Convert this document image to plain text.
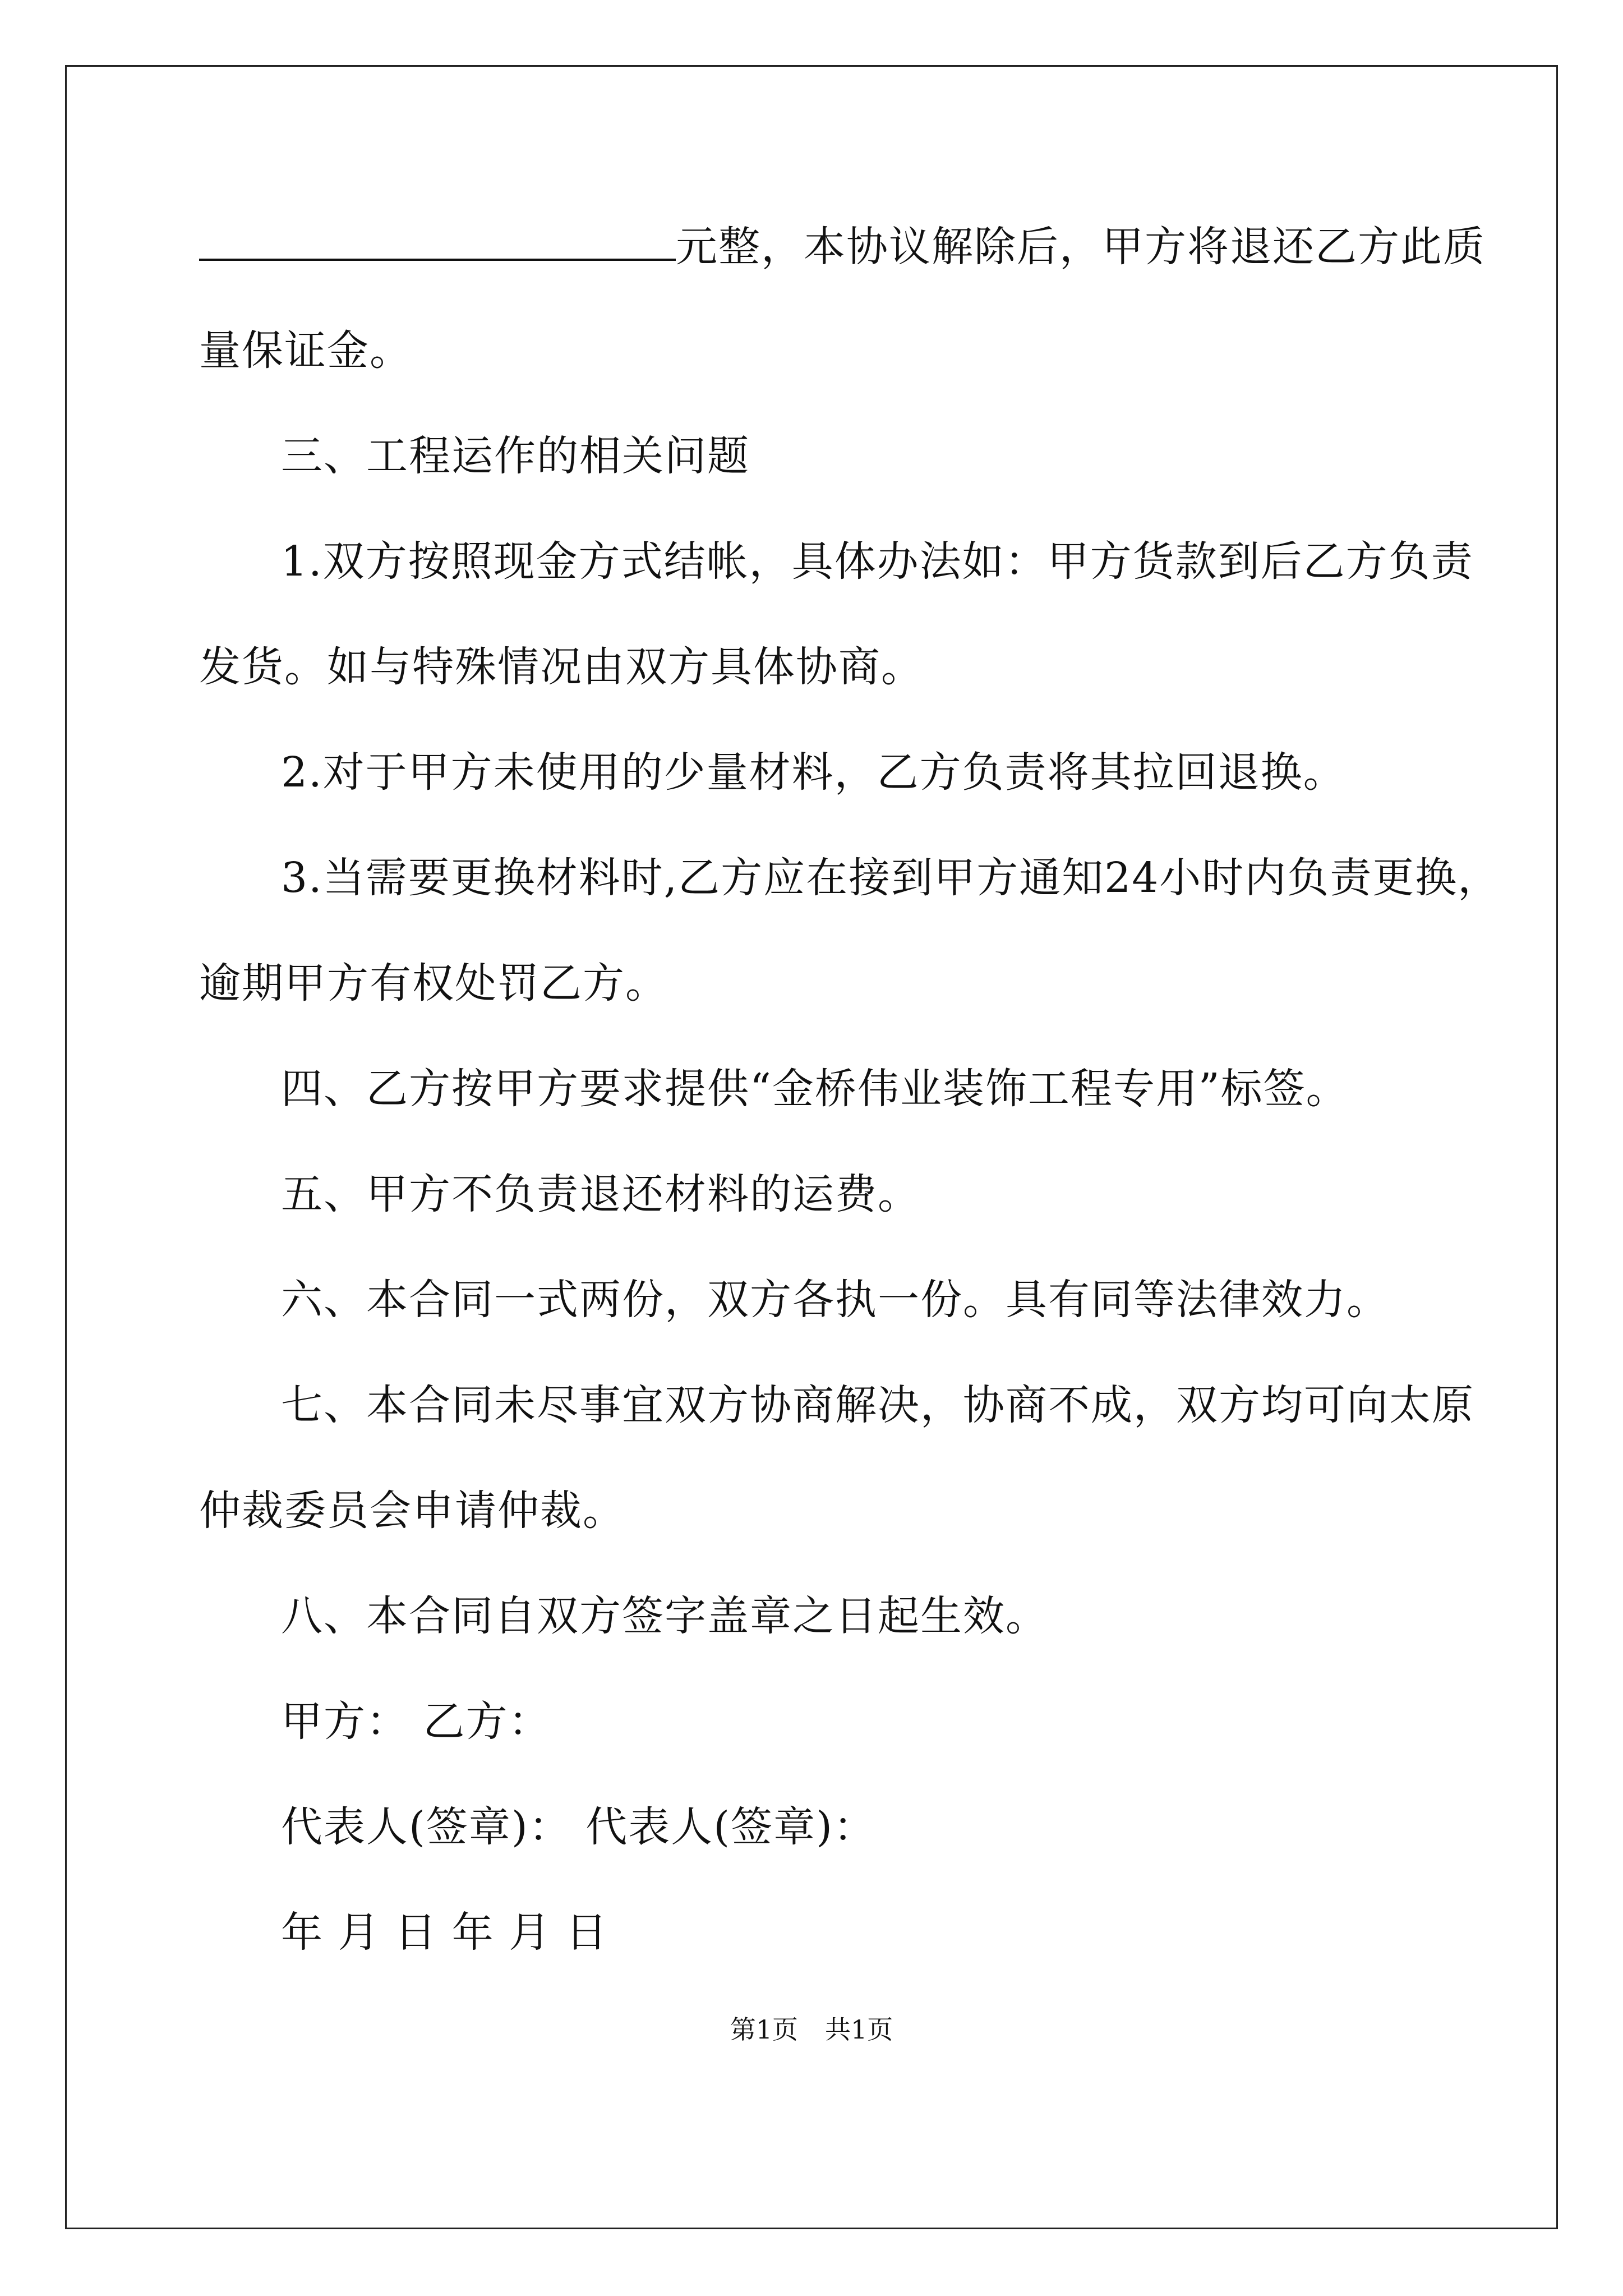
元整，本协议解除后，甲方将退还乙方此质
量保证金。
三、工程运作的相关问题
1.双方按照现金方式结帐，具体办法如：甲方货款到后乙方负责
发货。如与特殊情况由双方具体协商。
2.对于甲方未使用的少量材料，乙方负责将其拉回退换。
3.当需要更换材料时,乙方应在接到甲方通知24小时内负责更换，
逾期甲方有权处罚乙方。
四、乙方按甲方要求提供“金桥伟业装饰工程专用”标签。
五、甲方不负责退还材料的运费。
六、本合同一式两份，双方各执一份。具有同等法律效力。
七、本合同未尽事宜双方协商解决，协商不成，双方均可向太原
仲裁委员会申请仲裁。
八、本合同自双方签字盖章之日起生效。
甲方： 乙方：
代表人(签章)： 代表人(签章)：
年 月 日 年 月 日
第1页 共1页
